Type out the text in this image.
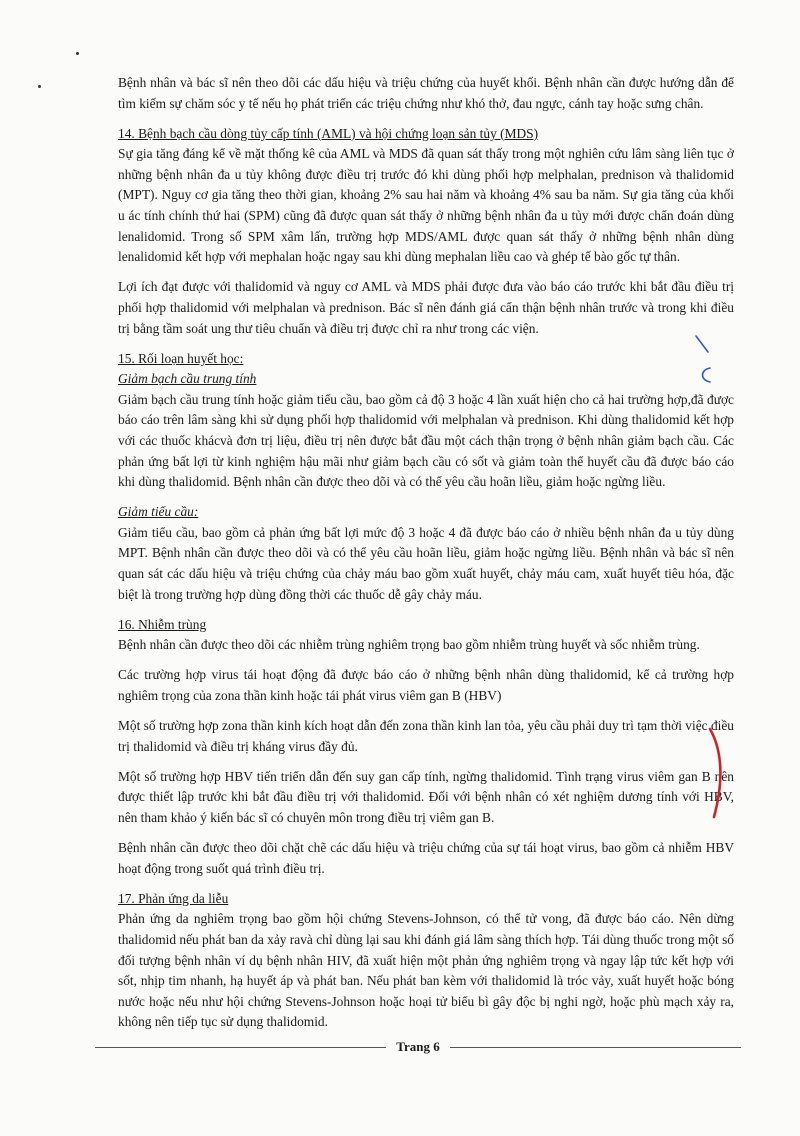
Bệnh nhân và bác sĩ nên theo dõi các dấu hiệu và triệu chứng của huyết khối. Bệnh nhân cần được hướng dẫn để tìm kiếm sự chăm sóc y tế nếu họ phát triển các triệu chứng như khó thở, đau ngực, cánh tay hoặc sưng chân.

14. Bệnh bạch cầu dòng tủy cấp tính (AML) và hội chứng loạn sản tủy (MDS)

Sự gia tăng đáng kể về mặt thống kê của AML và MDS đã quan sát thấy trong một nghiên cứu lâm sàng liên tục ở những bệnh nhân đa u tủy không được điều trị trước đó khi dùng phối hợp melphalan, prednison và thalidomid (MPT). Nguy cơ gia tăng theo thời gian, khoảng 2% sau hai năm và khoảng 4% sau ba năm. Sự gia tăng của khối u ác tính chính thứ hai (SPM) cũng đã được quan sát thấy ở những bệnh nhân đa u tủy mới được chẩn đoán dùng lenalidomid. Trong số SPM xâm lấn, trường hợp MDS/AML được quan sát thấy ở những bệnh nhân dùng lenalidomid kết hợp với mephalan hoặc ngay sau khi dùng mephalan liều cao và ghép tế bào gốc tự thân.

Lợi ích đạt được với thalidomid và nguy cơ AML và MDS phải được đưa vào báo cáo trước khi bắt đầu điều trị phối hợp thalidomid với melphalan và prednison. Bác sĩ nên đánh giá cẩn thận bệnh nhân trước và trong khi điều trị bằng tầm soát ung thư tiêu chuẩn và điều trị được chỉ ra như trong các viện.

15. Rối loạn huyết học:

Giảm bạch cầu trung tính

Giảm bạch cầu trung tính hoặc giảm tiểu cầu, bao gồm cả độ 3 hoặc 4 lần xuất hiện cho cả hai trường hợp,đã được báo cáo trên lâm sàng khi sử dụng phối hợp thalidomid với melphalan và prednison. Khi dùng thalidomid kết hợp với các thuốc khácvà đơn trị liệu, điều trị nên được bắt đầu một cách thận trọng ở bệnh nhân giảm bạch cầu. Các phản ứng bất lợi từ kinh nghiệm hậu mãi như giảm bạch cầu có sốt và giảm toàn thể huyết cầu đã được báo cáo khi dùng thalidomid. Bệnh nhân cần được theo dõi và có thể yêu cầu hoãn liều, giảm hoặc ngừng liều.

Giảm tiểu cầu:

Giảm tiểu cầu, bao gồm cả phản ứng bất lợi mức độ 3 hoặc 4 đã được báo cáo ở nhiều bệnh nhân đa u tủy dùng MPT. Bệnh nhân cần được theo dõi và có thể yêu cầu hoãn liều, giảm hoặc ngừng liều. Bệnh nhân và bác sĩ nên quan sát các dấu hiệu và triệu chứng của chảy máu bao gồm xuất huyết, chảy máu cam, xuất huyết tiêu hóa, đặc biệt là trong trường hợp dùng đồng thời các thuốc dễ gây chảy máu.

16. Nhiễm trùng

Bệnh nhân cần được theo dõi các nhiễm trùng nghiêm trọng bao gồm nhiễm trùng huyết và sốc nhiễm trùng.

Các trường hợp virus tái hoạt động đã được báo cáo ở những bệnh nhân dùng thalidomid, kể cả trường hợp nghiêm trọng của zona thần kinh hoặc tái phát virus viêm gan B (HBV)

Một số trường hợp zona thần kinh kích hoạt dẫn đến zona thần kinh lan tỏa, yêu cầu phải duy trì tạm thời việc điều trị thalidomid và điều trị kháng virus đầy đủ.

Một số trường hợp HBV tiến triển dẫn đến suy gan cấp tính, ngừng thalidomid. Tình trạng virus viêm gan B nên được thiết lập trước khi bắt đầu điều trị với thalidomid. Đối với bệnh nhân có xét nghiệm dương tính với HBV, nên tham khảo ý kiến bác sĩ có chuyên môn trong điều trị viêm gan B.

Bệnh nhân cần được theo dõi chặt chẽ các dấu hiệu và triệu chứng của sự tái hoạt virus, bao gồm cả nhiễm HBV hoạt động trong suốt quá trình điều trị.

17. Phản ứng da liễu

Phản ứng da nghiêm trọng bao gồm hội chứng Stevens-Johnson, có thể tử vong, đã được báo cáo. Nên dừng thalidomid nếu phát ban da xảy ravà chỉ dùng lại sau khi đánh giá lâm sàng thích hợp. Tái dùng thuốc trong một số đối tượng bệnh nhân ví dụ bệnh nhân HIV, đã xuất hiện một phản ứng nghiêm trọng và ngay lập tức kết hợp với sốt, nhịp tim nhanh, hạ huyết áp và phát ban. Nếu phát ban kèm với thalidomid là tróc vảy, xuất huyết hoặc bóng nước hoặc nếu như hội chứng Stevens-Johnson hoặc hoại tử biểu bì gây độc bị nghi ngờ, hoặc phù mạch xảy ra, không nên tiếp tục sử dụng thalidomid.

Trang 6
